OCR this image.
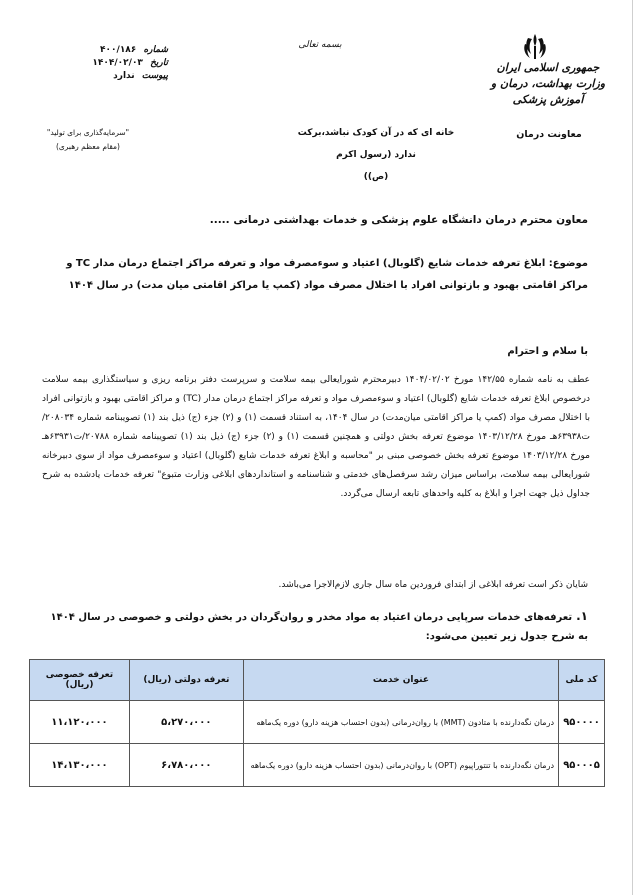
جمهوری اسلامی ایران
وزارت بهداشت، درمان و آموزش پزشکی
معاونت درمان
بسمه تعالی
شماره ۴۰۰/۱۸۶
تاریخ ۱۴۰۴/۰۲/۰۳
پیوست ندارد
"سرمایه‌گذاری برای تولید"
(مقام معظم رهبری)
خانه ای که در آن کودک نباشد،برکت ندارد (رسول اکرم
(ص))
معاون محترم درمان دانشگاه علوم پزشکی و خدمات بهداشتی درمانی .....
موضوع: ابلاغ تعرفه خدمات شایع (گلوبال) اعتیاد و سوءمصرف مواد و تعرفه مراکز اجتماع درمان مدار TC و مراکز اقامتی بهبود و بازتوانی افراد با اختلال مصرف مواد (کمپ یا مراکز اقامتی میان مدت) در سال ۱۴۰۴
با سلام و احترام
عطف به نامه شماره ۱۴۲/۵۵ مورخ ۱۴۰۴/۰۲/۰۲ دبیرمحترم شورایعالی بیمه سلامت و سرپرست دفتر برنامه ریزی و سیاستگذاری بیمه سلامت درخصوص ابلاغ تعرفه خدمات شایع (گلوبال) اعتیاد و سوءمصرف مواد و تعرفه مراکز اجتماع درمان مدار (TC) و مراکز اقامتی بهبود و بازتوانی افراد با اختلال مصرف مواد (کمپ یا مراکز اقامتی میان‌مدت) در سال ۱۴۰۴، به استناد قسمت (۱) و (۲) جزء (ج) ذیل بند (۱) تصویبنامه شماره ۲۰۸۰۳۴/ت۶۳۹۳۸هـ مورخ ۱۴۰۳/۱۲/۲۸ موضوع تعرفه بخش دولتی و همچنین قسمت (۱) و (۲) جزء (ج) ذیل بند (۱) تصویبنامه شماره ۲۰۷۸۸/ت۶۳۹۳۱هـ مورخ ۱۴۰۳/۱۲/۲۸ موضوع تعرفه بخش خصوصی مبنی بر "محاسبه و ابلاغ تعرفه خدمات شایع (گلوبال) اعتیاد و سوءمصرف مواد از سوی دبیرخانه شورایعالی بیمه سلامت، براساس میزان رشد سرفصل‌های خدمتی و شناسنامه و استانداردهای ابلاغی وزارت متبوع" تعرفه خدمات یادشده به شرح جداول ذیل جهت اجرا و ابلاغ به کلیه واحدهای تابعه ارسال می‌گردد.
شایان ذکر است تعرفه ابلاغی از ابتدای فروردین ماه سال جاری لازم‌الاجرا می‌باشد.
۱.تعرفه‌های خدمات سرپایی درمان اعتیاد به مواد مخدر و روان‌گردان در بخش دولتی و خصوصی در سال ۱۴۰۴ به شرح جدول زیر تعیین می‌شود:
کد ملی	عنوان خدمت	تعرفه دولتی (ریال)	تعرفه خصوصی (ریال)
۹۵۰۰۰۰	درمان نگه‌دارنده با متادون (MMT) با روان‌درمانی (بدون احتساب هزینه دارو) دوره یک‌ماهه	۵،۲۷۰،۰۰۰	۱۱،۱۲۰،۰۰۰
۹۵۰۰۰۵	درمان نگه‌دارنده با تنتوراپیوم (OPT) با روان‌درمانی (بدون احتساب هزینه دارو) دوره یک‌ماهه	۶،۷۸۰،۰۰۰	۱۴،۱۳۰،۰۰۰
